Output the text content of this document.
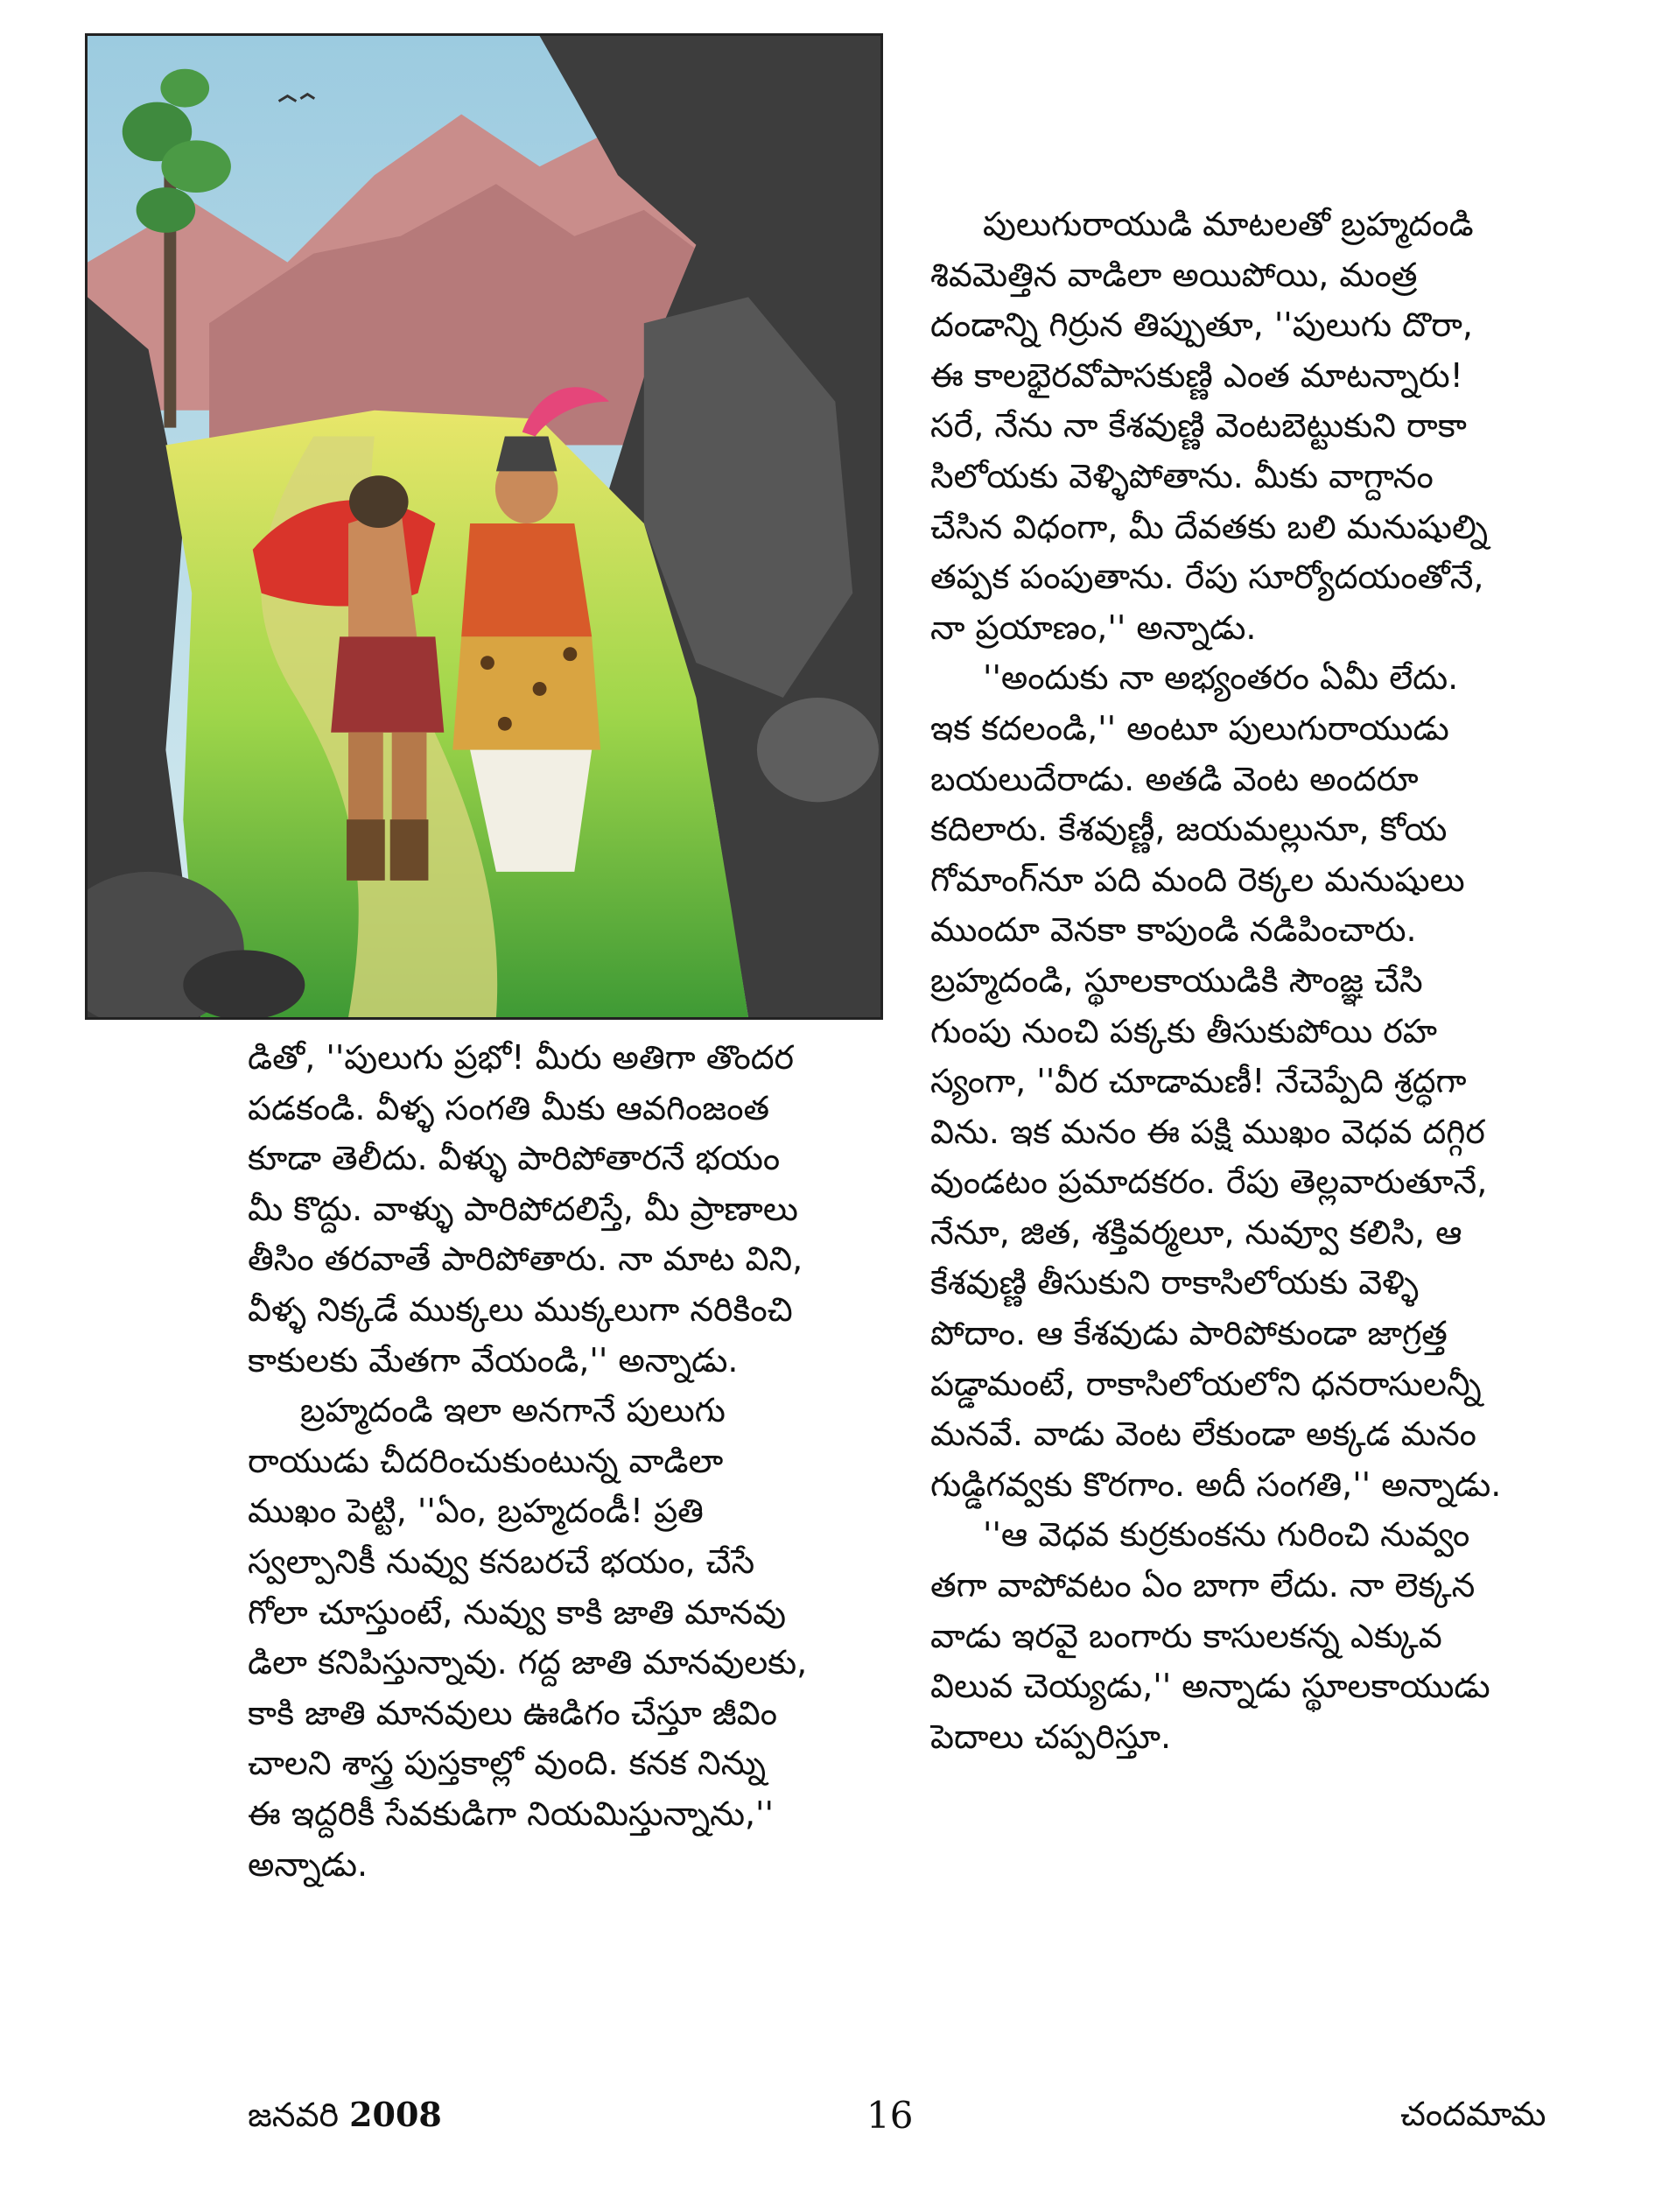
డితో, ''పులుగు ప్రభో! మీరు అతిగా తొందర
పడకండి. వీళ్ళ సంగతి మీకు ఆవగింజంత
కూడా తెలీదు. వీళ్ళు పారిపోతారనే భయం
మీ కొద్దు. వాళ్ళు పారిపోదలిస్తే, మీ ప్రాణాలు
తీసిం తరవాతే పారిపోతారు. నా మాట విని,
వీళ్ళ నిక్కడే ముక్కలు ముక్కలుగా నరికించి
కాకులకు మేతగా వేయండి,'' అన్నాడు.

బ్రహ్మదండి ఇలా అనగానే పులుగు
రాయుడు చీదరించుకుంటున్న వాడిలా
ముఖం పెట్టి, ''ఏం, బ్రహ్మదండీ! ప్రతి
స్వల్పానికీ నువ్వు కనబరచే భయం, చేసే
గోలా చూస్తుంటే, నువ్వు కాకి జాతి మానవు
డిలా కనిపిస్తున్నావు. గద్ద జాతి మానవులకు,
కాకి జాతి మానవులు ఊడిగం చేస్తూ జీవిం
చాలని శాస్త్ర పుస్తకాల్లో వుంది. కనక నిన్ను
ఈ ఇద్దరికీ సేవకుడిగా నియమిస్తున్నాను,''
అన్నాడు.

పులుగురాయుడి మాటలతో బ్రహ్మదండి
శివమెత్తిన వాడిలా అయిపోయి, మంత్ర
దండాన్ని గిర్రున తిప్పుతూ, ''పులుగు దొరా,
ఈ కాలభైరవోపాసకుణ్ణి ఎంత మాటన్నారు!
సరే, నేను నా కేశవుణ్ణి వెంటబెట్టుకుని రాకా
సిలోయకు వెళ్ళిపోతాను. మీకు వాగ్దానం
చేసిన విధంగా, మీ దేవతకు బలి మనుషుల్ని
తప్పక పంపుతాను. రేపు సూర్యోదయంతోనే,
నా ప్రయాణం,'' అన్నాడు.

''అందుకు నా అభ్యంతరం ఏమీ లేదు.
ఇక కదలండి,'' అంటూ పులుగురాయుడు
బయలుదేరాడు. అతడి వెంట అందరూ
కదిలారు. కేశవుణ్ణీ, జయమల్లునూ, కోయ
గోమాంగ్‌నూ పది మంది రెక్కల మనుషులు
ముందూ వెనకా కాపుండి నడిపించారు.
బ్రహ్మదండి, స్థూలకాయుడికి సౌంజ్ఞ చేసి
గుంపు నుంచి పక్కకు తీసుకుపోయి రహ
స్యంగా, ''వీర చూడామణీ! నేచెప్పేది శ్రద్ధగా
విను. ఇక మనం ఈ పక్షి ముఖం వెధవ దగ్గిర
వుండటం ప్రమాదకరం. రేపు తెల్లవారుతూనే,
నేనూ, జిత, శక్తివర్మలూ, నువ్వూ కలిసి, ఆ
కేశవుణ్ణి తీసుకుని రాకాసిలోయకు వెళ్ళి
పోదాం. ఆ కేశవుడు పారిపోకుండా జాగ్రత్త
పడ్డామంటే, రాకాసిలోయలోని ధనరాసులన్నీ
మనవే. వాడు వెంట లేకుండా అక్కడ మనం
గుడ్డిగవ్వకు కొరగాం. అదీ సంగతి,'' అన్నాడు.

''ఆ వెధవ కుర్రకుంకను గురించి నువ్వం
తగా వాపోవటం ఏం బాగా లేదు. నా లెక్కన
వాడు ఇరవై బంగారు కాసులకన్న ఎక్కువ
విలువ చెయ్యడు,'' అన్నాడు స్థూలకాయుడు
పెదాలు చప్పరిస్తూ.

జనవరి 2008	16	చందమామ
